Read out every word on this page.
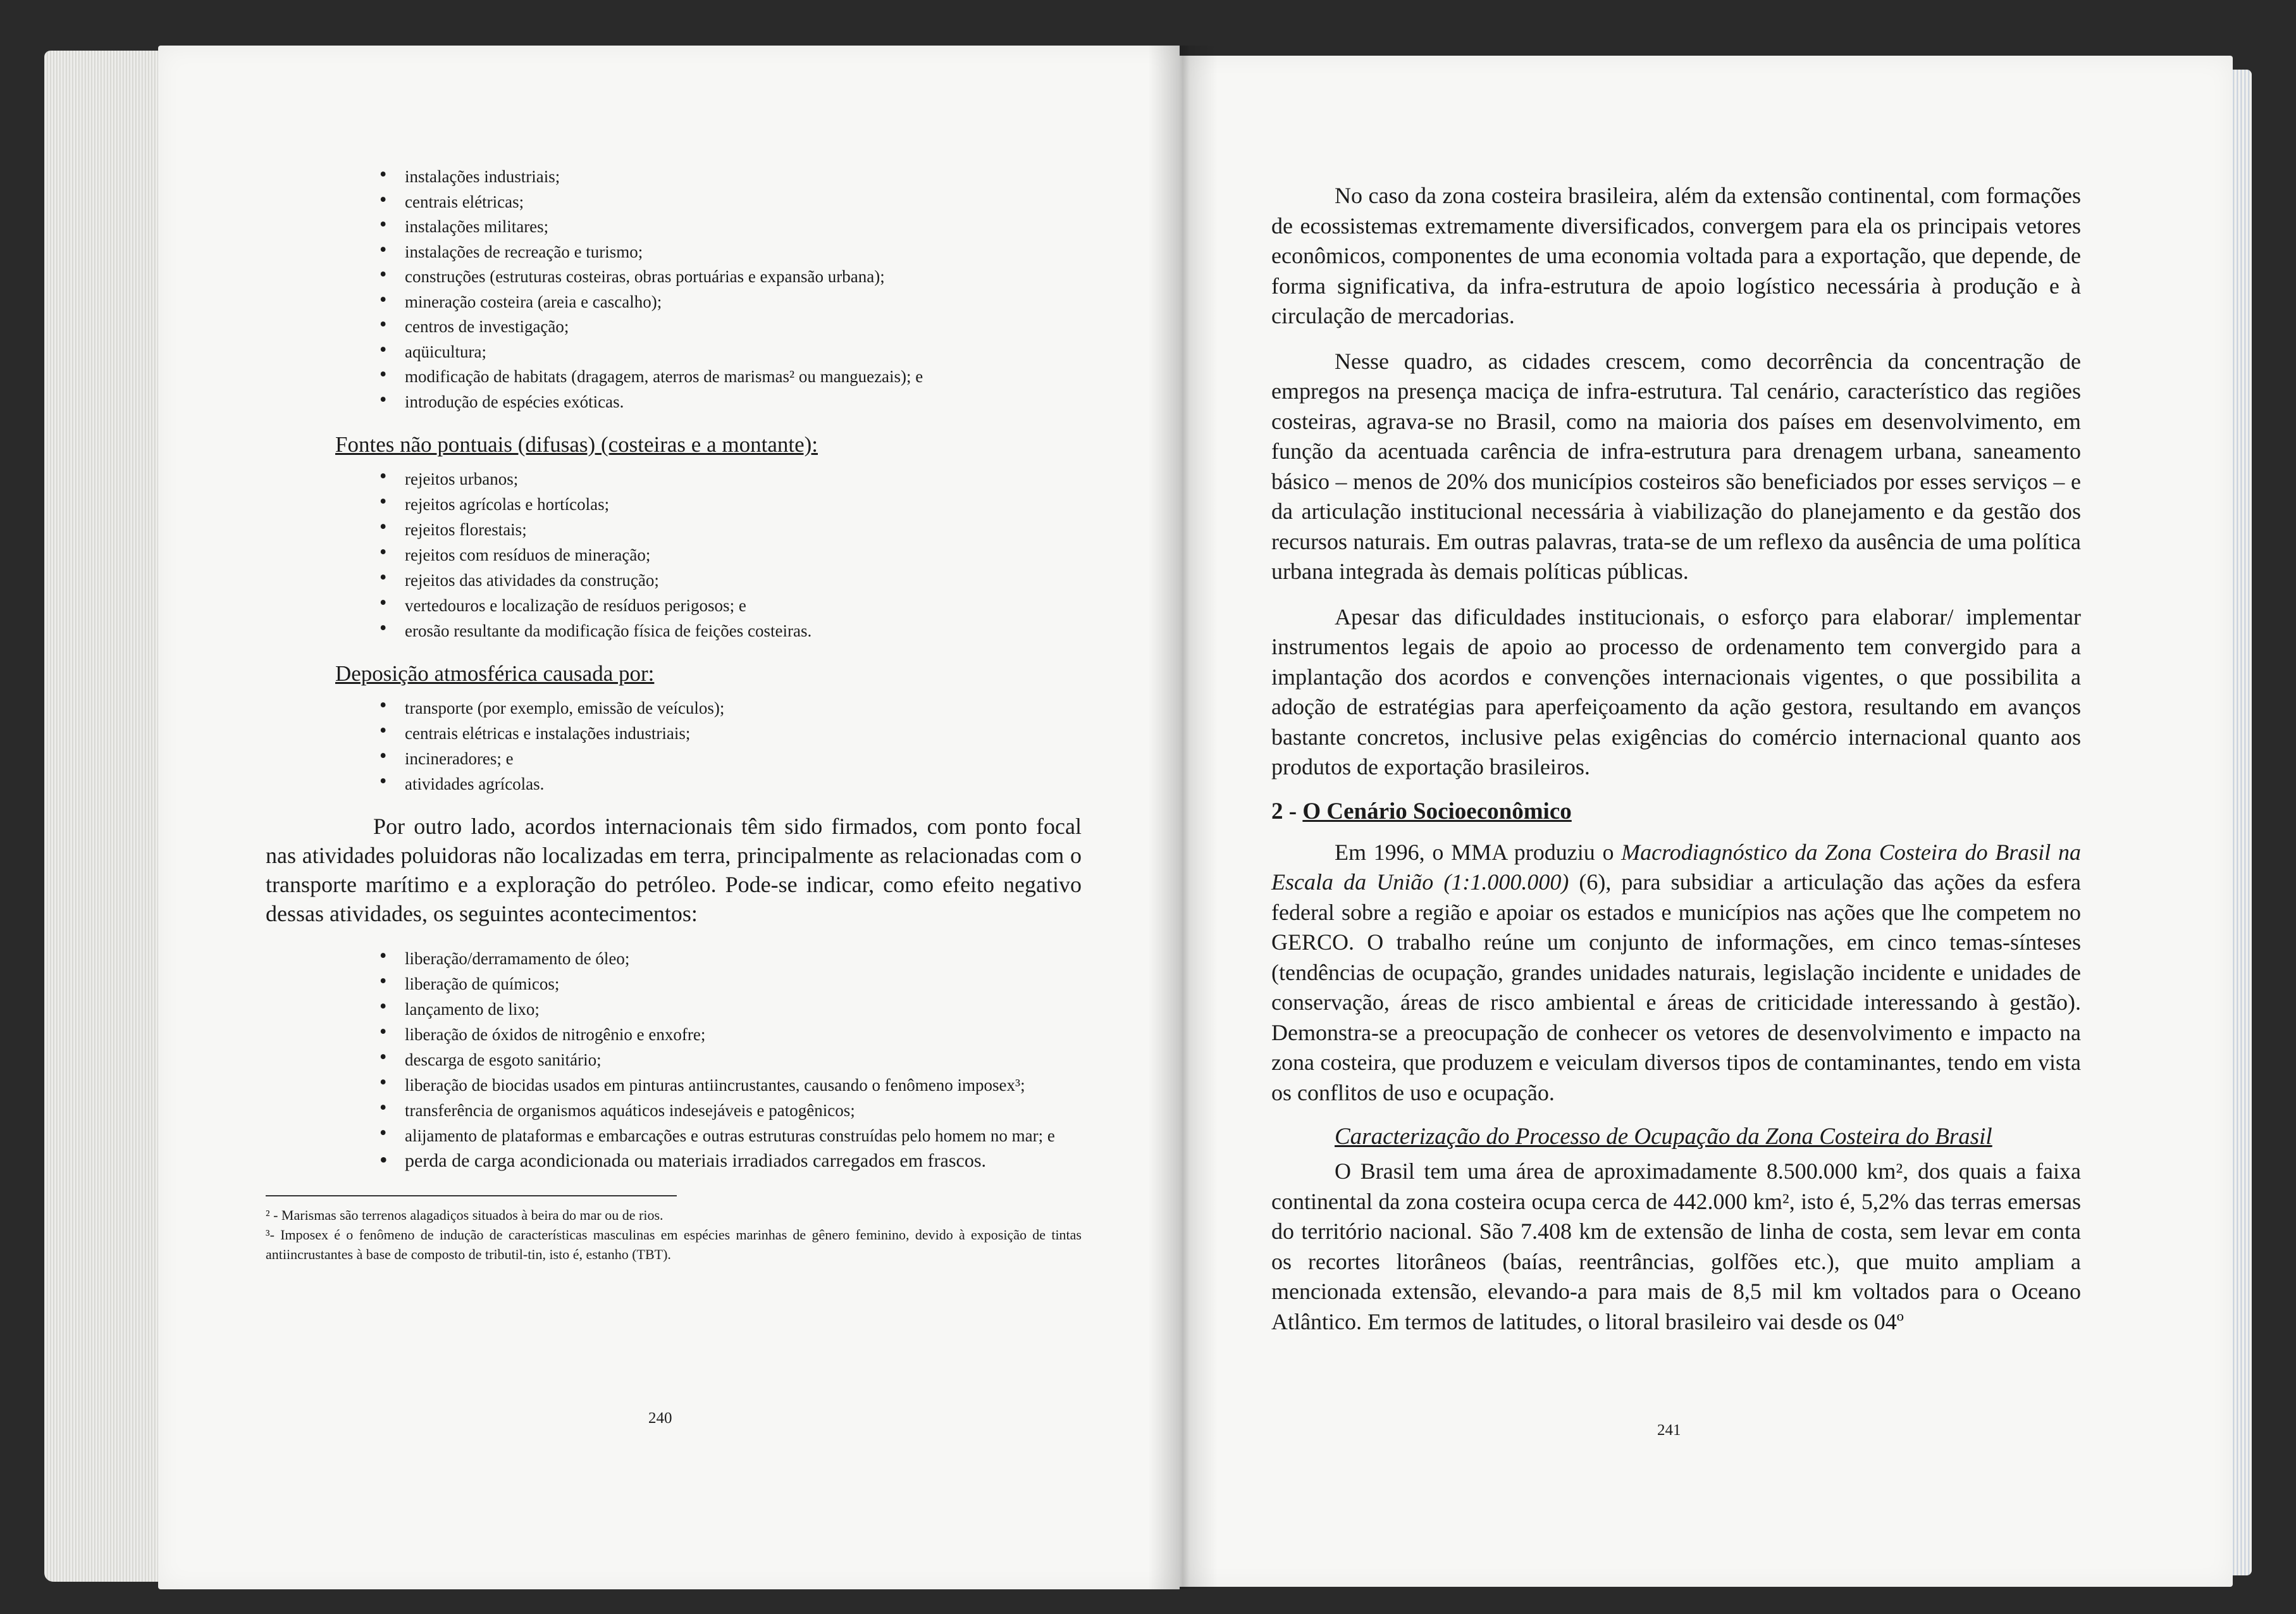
• instalações industriais;
• centrais elétricas;
• instalações militares;
• instalações de recreação e turismo;
• construções (estruturas costeiras, obras portuárias e expansão urbana);
• mineração costeira (areia e cascalho);
• centros de investigação;
• aqüicultura;
• modificação de habitats (dragagem, aterros de marismas² ou manguezais); e
• introdução de espécies exóticas.
Fontes não pontuais (difusas) (costeiras e a montante):
• rejeitos urbanos;
• rejeitos agrícolas e hortícolas;
• rejeitos florestais;
• rejeitos com resíduos de mineração;
• rejeitos das atividades da construção;
• vertedouros e localização de resíduos perigosos; e
• erosão resultante da modificação física de feições costeiras.
Deposição atmosférica causada por:
• transporte (por exemplo, emissão de veículos);
• centrais elétricas e instalações industriais;
• incineradores; e
• atividades agrícolas.

Por outro lado, acordos internacionais têm sido firmados, com ponto focal nas atividades poluidoras não localizadas em terra, principalmente as relacionadas com o transporte marítimo e a exploração do petróleo. Pode-se indicar, como efeito negativo dessas atividades, os seguintes acontecimentos:

• liberação/derramamento de óleo;
• liberação de químicos;
• lançamento de lixo;
• liberação de óxidos de nitrogênio e enxofre;
• descarga de esgoto sanitário;
• liberação de biocidas usados em pinturas antiincrustantes, causando o fenômeno imposex³;
• transferência de organismos aquáticos indesejáveis e patogênicos;
• alijamento de plataformas e embarcações e outras estruturas construídas pelo homem no mar; e
• perda de carga acondicionada ou materiais irradiados carregados em frascos.
² - Marismas são terrenos alagadiços situados à beira do mar ou de rios.
³- Imposex é o fenômeno de indução de características masculinas em espécies marinhas de gênero feminino, devido à exposição de tintas antiincrustantes à base de composto de tributil-tin, isto é, estanho (TBT).
240

No caso da zona costeira brasileira, além da extensão continental, com formações de ecossistemas extremamente diversificados, convergem para ela os principais vetores econômicos, componentes de uma economia voltada para a exportação, que depende, de forma significativa, da infra-estrutura de apoio logístico necessária à produção e à circulação de mercadorias.

Nesse quadro, as cidades crescem, como decorrência da concentração de empregos na presença maciça de infra-estrutura. Tal cenário, característico das regiões costeiras, agrava-se no Brasil, como na maioria dos países em desenvolvimento, em função da acentuada carência de infra-estrutura para drenagem urbana, saneamento básico – menos de 20% dos municípios costeiros são beneficiados por esses serviços – e da articulação institucional necessária à viabilização do planejamento e da gestão dos recursos naturais. Em outras palavras, trata-se de um reflexo da ausência de uma política urbana integrada às demais políticas públicas.

Apesar das dificuldades institucionais, o esforço para elaborar/ implementar instrumentos legais de apoio ao processo de ordenamento tem convergido para a implantação dos acordos e convenções internacionais vigentes, o que possibilita a adoção de estratégias para aperfeiçoamento da ação gestora, resultando em avanços bastante concretos, inclusive pelas exigências do comércio internacional quanto aos produtos de exportação brasileiros.

2 - O Cenário Socioeconômico

Em 1996, o MMA produziu o Macrodiagnóstico da Zona Costeira do Brasil na Escala da União (1:1.000.000) (6), para subsidiar a articulação das ações da esfera federal sobre a região e apoiar os estados e municípios nas ações que lhe competem no GERCO. O trabalho reúne um conjunto de informações, em cinco temas-sínteses (tendências de ocupação, grandes unidades naturais, legislação incidente e unidades de conservação, áreas de risco ambiental e áreas de criticidade interessando à gestão). Demonstra-se a preocupação de conhecer os vetores de desenvolvimento e impacto na zona costeira, que produzem e veiculam diversos tipos de contaminantes, tendo em vista os conflitos de uso e ocupação.

Caracterização do Processo de Ocupação da Zona Costeira do Brasil

O Brasil tem uma área de aproximadamente 8.500.000 km², dos quais a faixa continental da zona costeira ocupa cerca de 442.000 km², isto é, 5,2% das terras emersas do território nacional. São 7.408 km de extensão de linha de costa, sem levar em conta os recortes litorâneos (baías, reentrâncias, golfões etc.), que muito ampliam a mencionada extensão, elevando-a para mais de 8,5 mil km voltados para o Oceano Atlântico. Em termos de latitudes, o litoral brasileiro vai desde os 04º

241
